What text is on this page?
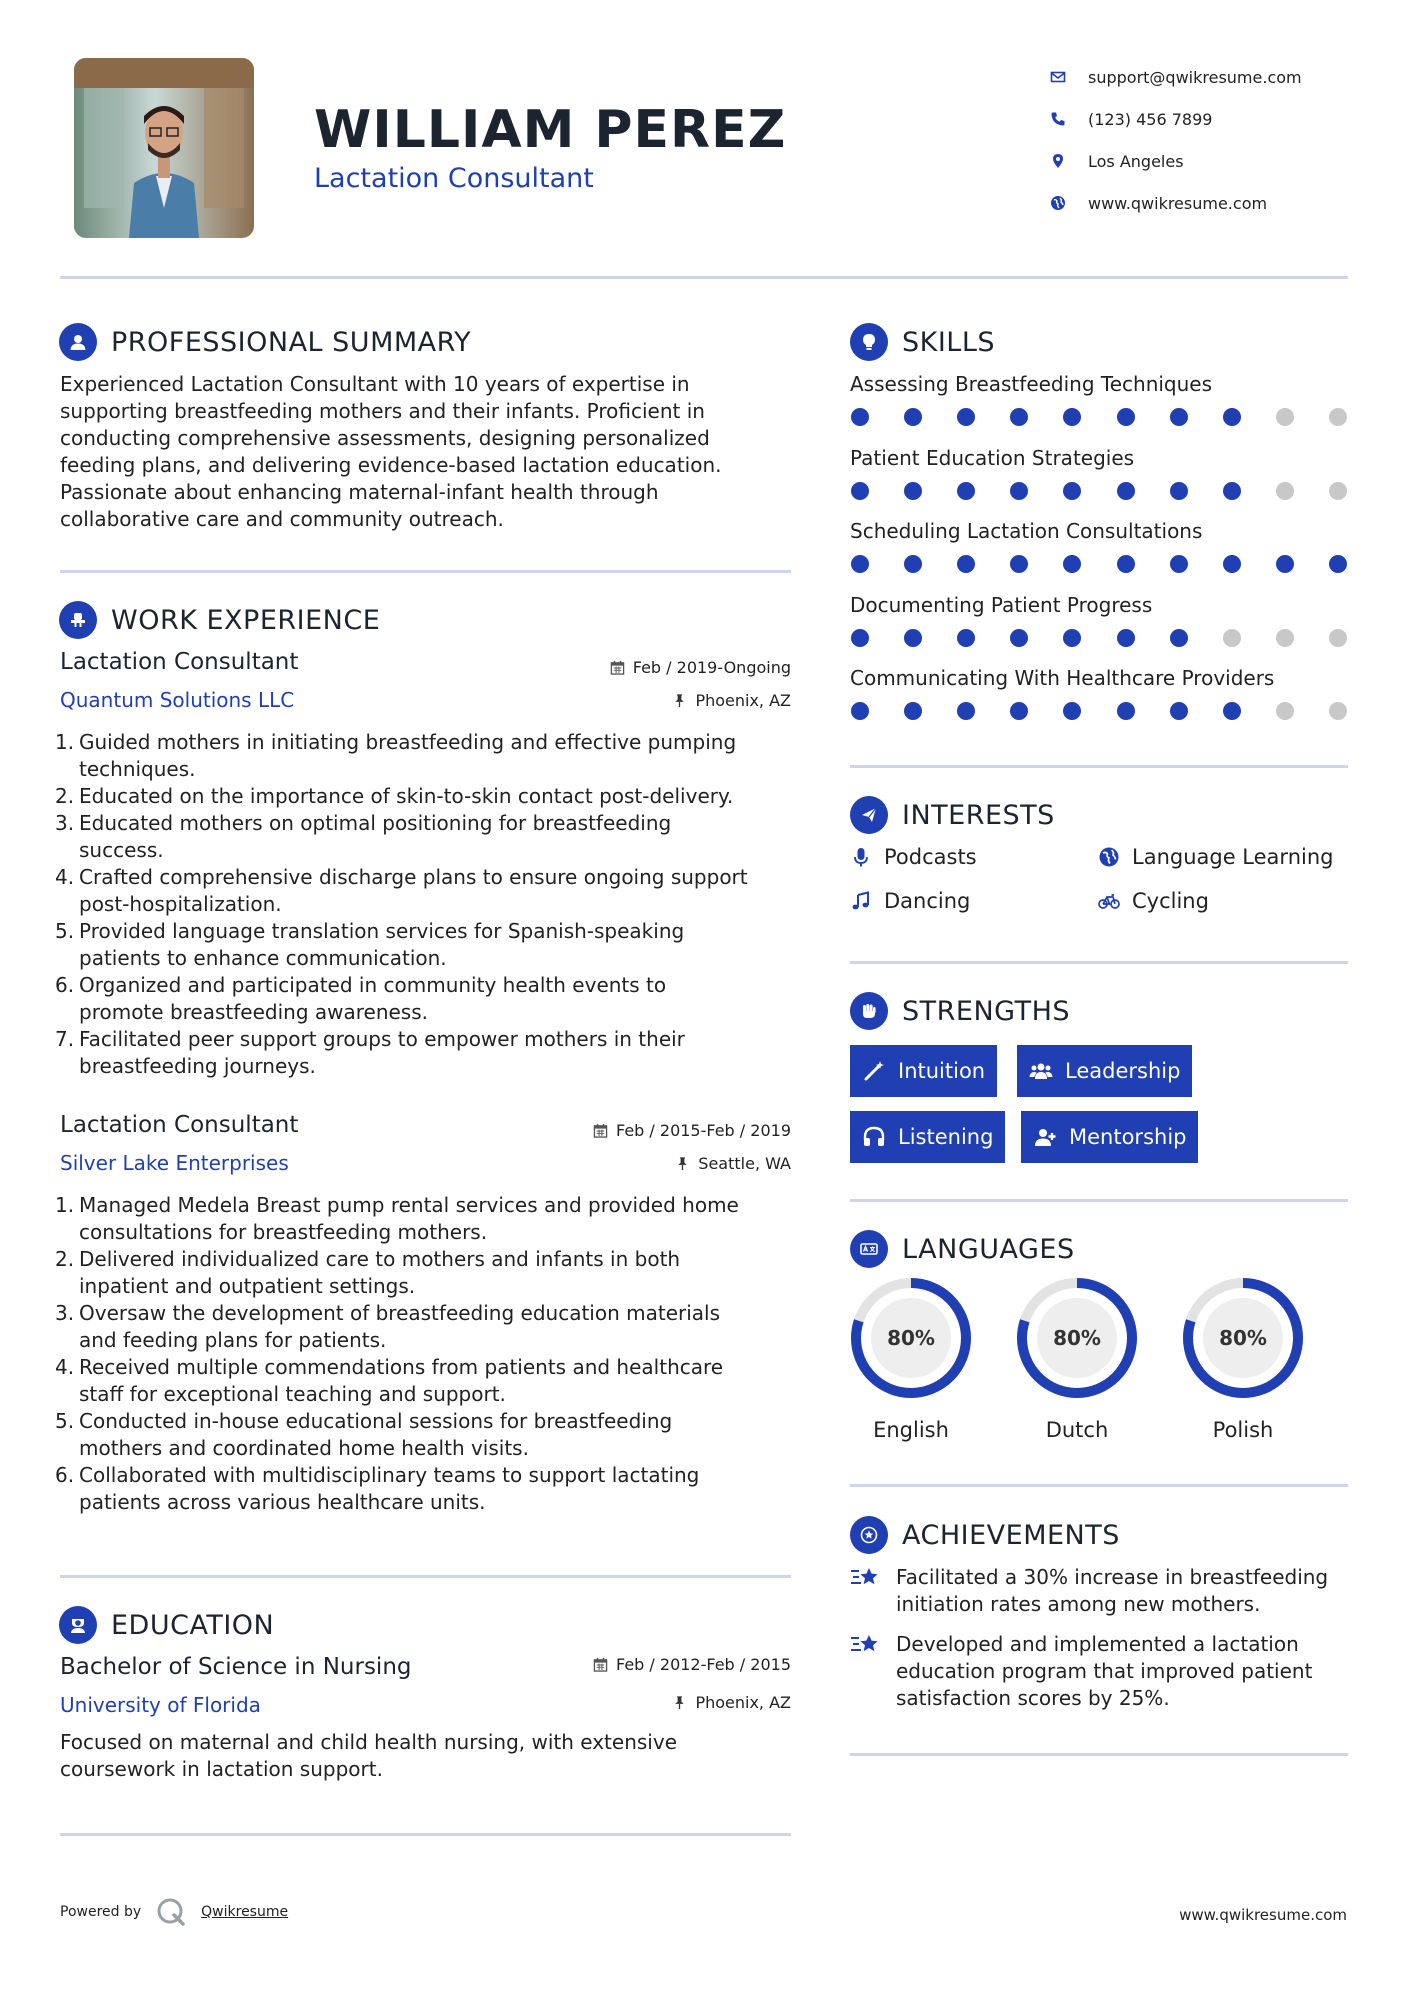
WILLIAM PEREZ
Lactation Consultant
support@qwikresume.com
(123) 456 7899
Los Angeles
www.qwikresume.com
PROFESSIONAL SUMMARY
Experienced Lactation Consultant with 10 years of expertise in
supporting breastfeeding mothers and their infants. Proficient in
conducting comprehensive assessments, designing personalized
feeding plans, and delivering evidence-based lactation education.
Passionate about enhancing maternal-infant health through
collaborative care and community outreach.
WORK EXPERIENCE
Lactation Consultant	Feb / 2019-Ongoing
Quantum Solutions LLC	Phoenix, AZ
1. Guided mothers in initiating breastfeeding and effective pumping
techniques.
2. Educated on the importance of skin-to-skin contact post-delivery.
3. Educated mothers on optimal positioning for breastfeeding
success.
4. Crafted comprehensive discharge plans to ensure ongoing support
post-hospitalization.
5. Provided language translation services for Spanish-speaking
patients to enhance communication.
6. Organized and participated in community health events to
promote breastfeeding awareness.
7. Facilitated peer support groups to empower mothers in their
breastfeeding journeys.
Lactation Consultant	Feb / 2015-Feb / 2019
Silver Lake Enterprises	Seattle, WA
1. Managed Medela Breast pump rental services and provided home
consultations for breastfeeding mothers.
2. Delivered individualized care to mothers and infants in both
inpatient and outpatient settings.
3. Oversaw the development of breastfeeding education materials
and feeding plans for patients.
4. Received multiple commendations from patients and healthcare
staff for exceptional teaching and support.
5. Conducted in-house educational sessions for breastfeeding
mothers and coordinated home health visits.
6. Collaborated with multidisciplinary teams to support lactating
patients across various healthcare units.
EDUCATION
Bachelor of Science in Nursing	Feb / 2012-Feb / 2015
University of Florida	Phoenix, AZ
Focused on maternal and child health nursing, with extensive
coursework in lactation support.
SKILLS
Assessing Breastfeeding Techniques
Patient Education Strategies
Scheduling Lactation Consultations
Documenting Patient Progress
Communicating With Healthcare Providers
INTERESTS
Podcasts	Language Learning
Dancing	Cycling
STRENGTHS
Intuition	Leadership
Listening	Mentorship
LANGUAGES
80%
English
80%
Dutch
80%
Polish
ACHIEVEMENTS
Facilitated a 30% increase in breastfeeding
initiation rates among new mothers.
Developed and implemented a lactation
education program that improved patient
satisfaction scores by 25%.
Powered by	Qwikresume	www.qwikresume.com
